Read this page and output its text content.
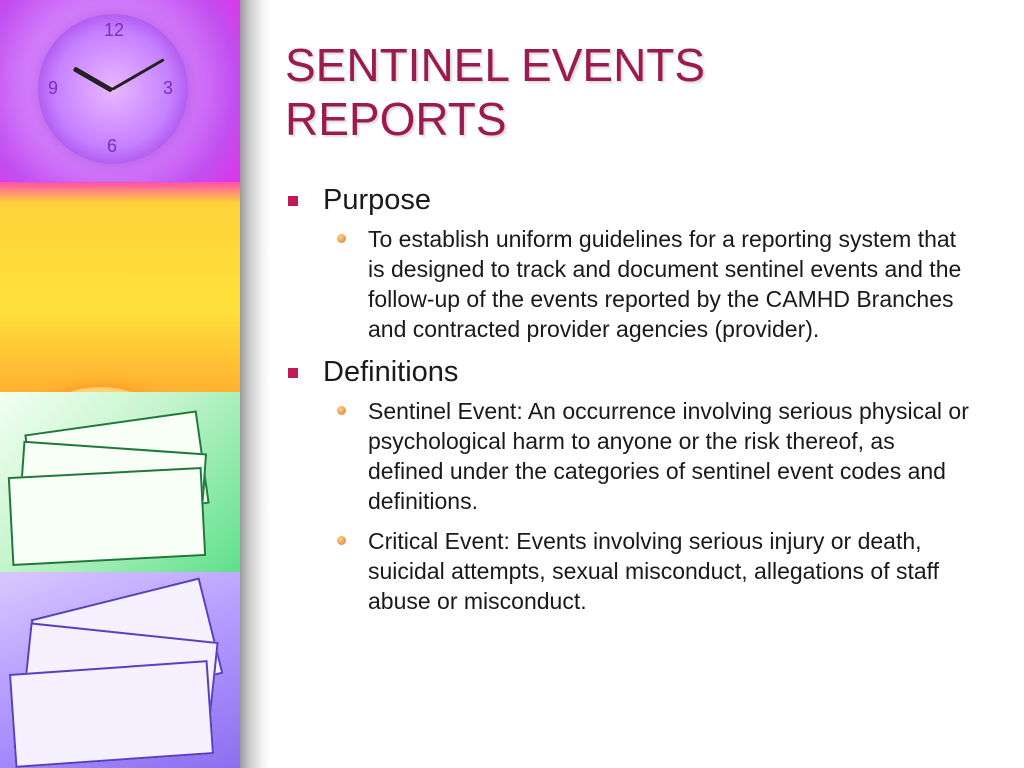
12
3
6
9	SENTINEL EVENTS
REPORTS
Purpose
To establish uniform guidelines for a reporting system that is designed to track and document sentinel events and the follow-up of the events reported by the CAMHD Branches and contracted provider agencies (provider).
Definitions
Sentinel Event: An occurrence involving serious physical or psychological harm to anyone or the risk thereof, as defined under the categories of sentinel event codes and definitions.
Critical Event: Events involving serious injury or death, suicidal attempts, sexual misconduct, allegations of staff abuse or misconduct.
